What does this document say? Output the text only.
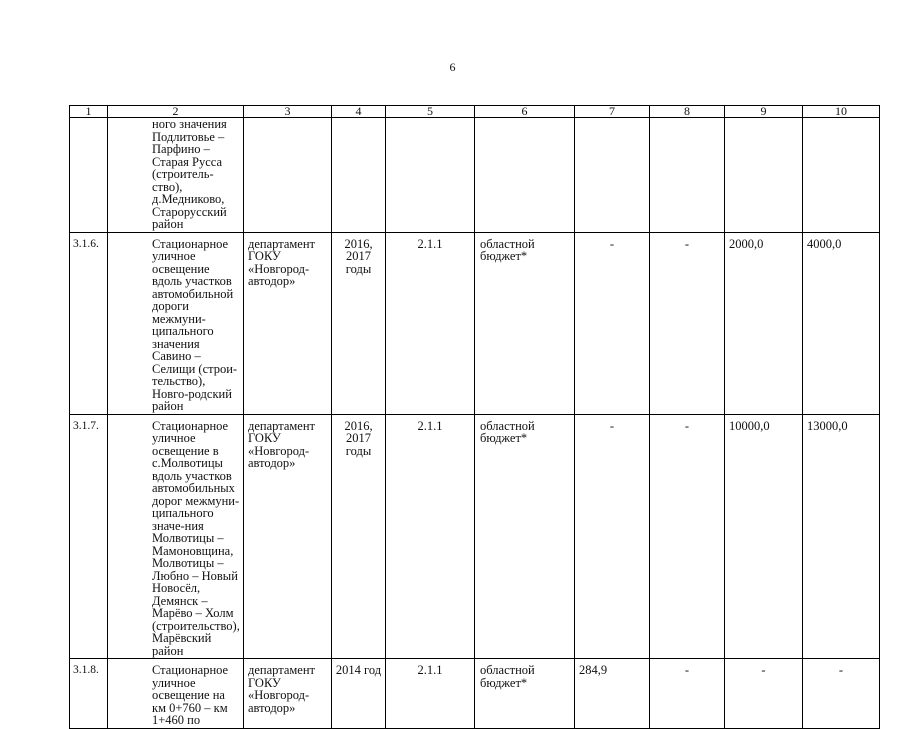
6
1	2	3	4	5	6	7	8	9	10
	ного значения Подлитовье – Парфино – Старая Русса (строитель-ство), д.Медниково, Старорусский район								
3.1.6.	Стационарное уличное освещение вдоль участков автомобильной дороги межмуни-ципального значения Савино – Селищи (строи-тельство), Новго-родский район	департамент ГОКУ «Новгород-автодор»	2016, 2017 годы	2.1.1	областной бюджет*	-	-	2000,0	4000,0
3.1.7.	Стационарное уличное освещение в с.Молвотицы вдоль участков автомобильных дорог межмуни-ципального значе-ния Молвотицы – Мамоновщина, Молвотицы – Любно – Новый Новосёл, Демянск – Марёво – Холм (строительство), Марёвский район	департамент ГОКУ «Новгород-автодор»	2016, 2017 годы	2.1.1	областной бюджет*	-	-	10000,0	13000,0
3.1.8.	Стационарное уличное освещение на км 0+760 – км 1+460 по	департамент ГОКУ «Новгород-автодор»	2014 год	2.1.1	областной бюджет*	284,9	-	-	-
